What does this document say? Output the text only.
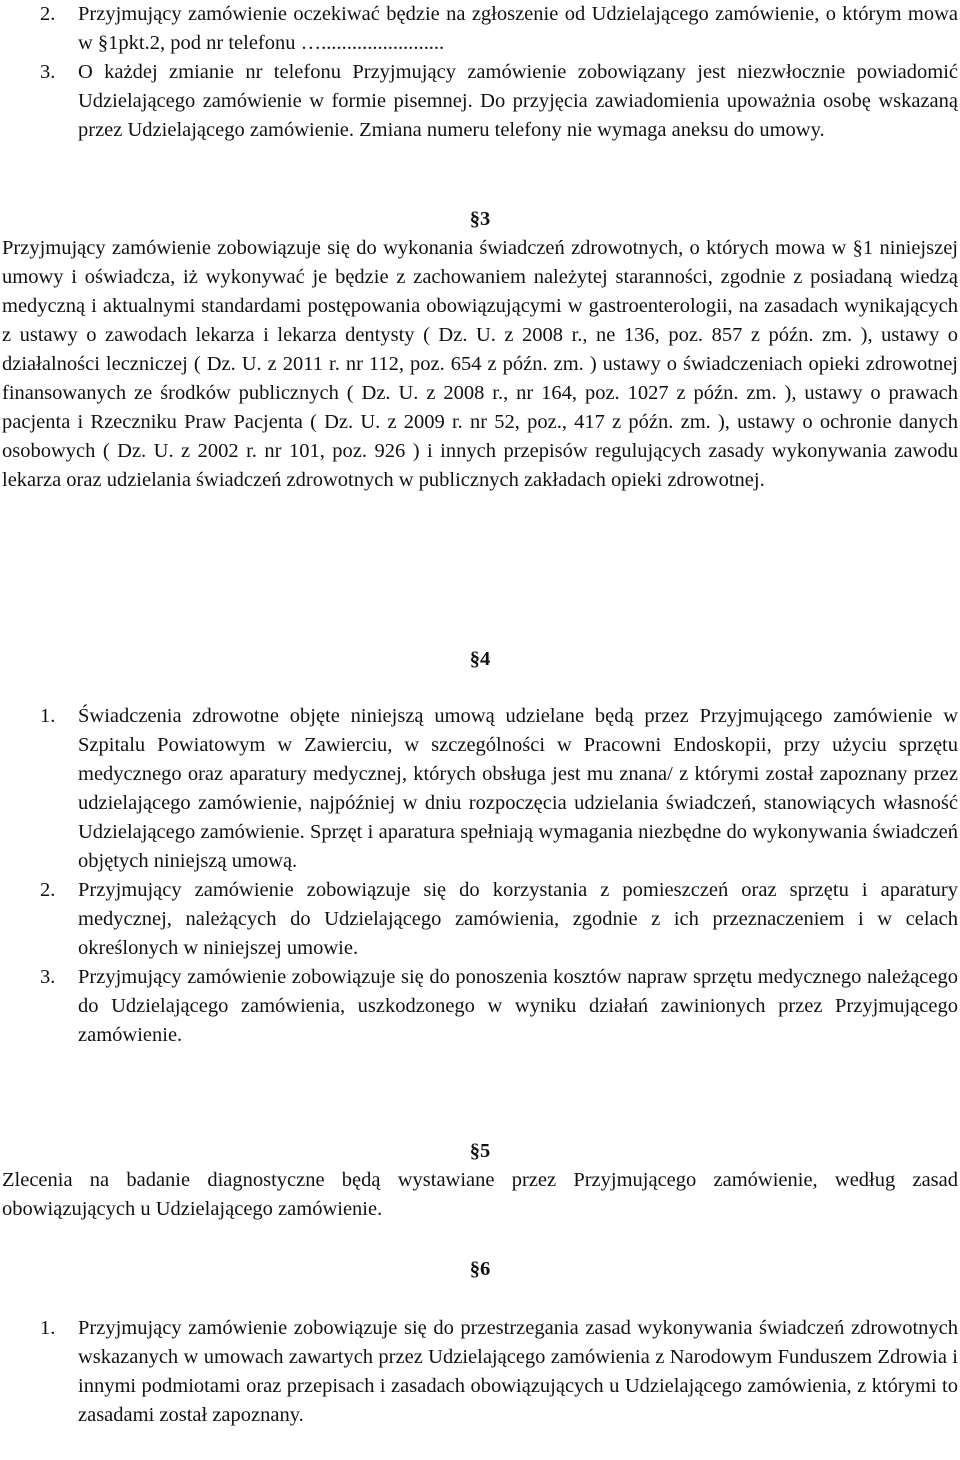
2. Przyjmujący zamówienie oczekiwać będzie na zgłoszenie od Udzielającego zamówienie, o którym mowa w §1pkt.2, pod nr telefonu …........................
3. O każdej zmianie nr telefonu Przyjmujący zamówienie zobowiązany jest niezwłocznie powiadomić Udzielającego zamówienie w formie pisemnej. Do przyjęcia zawiadomienia upoważnia osobę wskazaną przez Udzielającego zamówienie. Zmiana numeru telefony nie wymaga aneksu do umowy.
§3
Przyjmujący zamówienie zobowiązuje się do wykonania świadczeń zdrowotnych, o których mowa w §1 niniejszej umowy i oświadcza, iż wykonywać je będzie z zachowaniem należytej staranności, zgodnie z posiadaną wiedzą medyczną i aktualnymi standardami postępowania obowiązującymi w gastroenterologii, na zasadach wynikających z ustawy o zawodach lekarza i lekarza dentysty ( Dz. U. z 2008 r., ne 136, poz. 857 z późn. zm. ), ustawy o działalności leczniczej ( Dz. U. z 2011 r. nr 112, poz. 654 z późn. zm. ) ustawy o świadczeniach opieki zdrowotnej finansowanych ze środków publicznych ( Dz. U. z 2008 r., nr 164, poz. 1027 z późn. zm. ), ustawy o prawach pacjenta i Rzeczniku Praw Pacjenta ( Dz. U. z 2009 r. nr 52, poz., 417 z późn. zm. ), ustawy o ochronie danych osobowych ( Dz. U. z 2002 r. nr 101, poz. 926 ) i innych przepisów regulujących zasady wykonywania zawodu lekarza oraz udzielania świadczeń zdrowotnych w publicznych zakładach opieki zdrowotnej.
§4
1. Świadczenia zdrowotne objęte niniejszą umową udzielane będą przez Przyjmującego zamówienie w Szpitalu Powiatowym w Zawierciu, w szczególności w Pracowni Endoskopii, przy użyciu sprzętu medycznego oraz aparatury medycznej, których obsługa jest mu znana/ z którymi został zapoznany przez udzielającego zamówienie, najpóźniej w dniu rozpoczęcia udzielania świadczeń, stanowiących własność Udzielającego zamówienie. Sprzęt i aparatura spełniają wymagania niezbędne do wykonywania świadczeń objętych niniejszą umową.
2. Przyjmujący zamówienie zobowiązuje się do korzystania z pomieszczeń oraz sprzętu i aparatury medycznej, należących do Udzielającego zamówienia, zgodnie z ich przeznaczeniem i w celach określonych w niniejszej umowie.
3. Przyjmujący zamówienie zobowiązuje się do ponoszenia kosztów napraw sprzętu medycznego należącego do Udzielającego zamówienia, uszkodzonego w wyniku działań zawinionych przez Przyjmującego zamówienie.
§5
Zlecenia na badanie diagnostyczne będą wystawiane przez Przyjmującego zamówienie, według zasad obowiązujących u Udzielającego zamówienie.
§6
1. Przyjmujący zamówienie zobowiązuje się do przestrzegania zasad wykonywania świadczeń zdrowotnych wskazanych w umowach zawartych przez Udzielającego zamówienia z Narodowym Funduszem Zdrowia i innymi podmiotami oraz przepisach i zasadach obowiązujących u Udzielającego zamówienia, z którymi to zasadami został zapoznany.
